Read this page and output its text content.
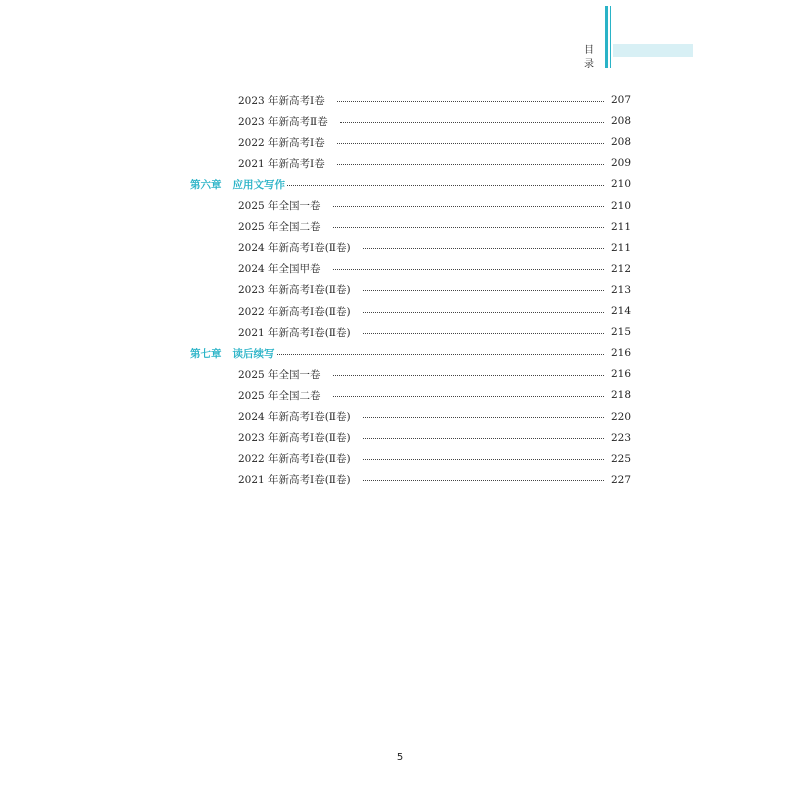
目 录
2023 年新高考Ⅰ卷	207
2023 年新高考Ⅱ卷	208
2022 年新高考Ⅰ卷	208
2021 年新高考Ⅰ卷	209
第六章 应用文写作	210
2025 年全国一卷	210
2025 年全国二卷	211
2024 年新高考Ⅰ卷(Ⅱ卷)	211
2024 年全国甲卷	212
2023 年新高考Ⅰ卷(Ⅱ卷)	213
2022 年新高考Ⅰ卷(Ⅱ卷)	214
2021 年新高考Ⅰ卷(Ⅱ卷)	215
第七章 读后续写	216
2025 年全国一卷	216
2025 年全国二卷	218
2024 年新高考Ⅰ卷(Ⅱ卷)	220
2023 年新高考Ⅰ卷(Ⅱ卷)	223
2022 年新高考Ⅰ卷(Ⅱ卷)	225
2021 年新高考Ⅰ卷(Ⅱ卷)	227
5
